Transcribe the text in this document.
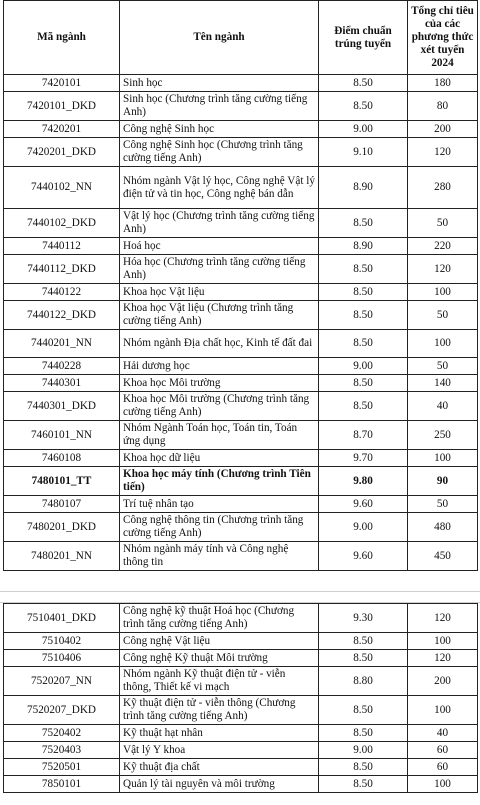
Mã ngành	Tên ngành	Điểm chuẩn trúng tuyển	Tổng chỉ tiêu của các phương thức xét tuyển 2024
7420101	Sinh học	8.50	180
7420101_DKD	Sinh học (Chương trình tăng cường tiếng Anh)	8.50	80
7420201	Công nghệ Sinh học	9.00	200
7420201_DKD	Công nghệ Sinh học (Chương trình tăng cường tiếng Anh)	9.10	120
7440102_NN	Nhóm ngành Vật lý học, Công nghệ Vật lý điện tử và tin học, Công nghệ bán dẫn	8.90	280
7440102_DKD	Vật lý học (Chương trình tăng cường tiếng Anh)	8.50	50
7440112	Hoá học	8.90	220
7440112_DKD	Hóa học (Chương trình tăng cường tiếng Anh)	8.50	120
7440122	Khoa học Vật liệu	8.50	100
7440122_DKD	Khoa học Vật liệu (Chương trình tăng cường tiếng Anh)	8.50	50
7440201_NN	Nhóm ngành Địa chất học, Kinh tế đất đai	8.50	100
7440228	Hải dương học	9.00	50
7440301	Khoa học Môi trường	8.50	140
7440301_DKD	Khoa học Môi trường (Chương trình tăng cường tiếng Anh)	8.50	40
7460101_NN	Nhóm Ngành Toán học, Toán tin, Toán ứng dụng	8.70	250
7460108	Khoa học dữ liệu	9.70	100
7480101_TT	Khoa học máy tính (Chương trình Tiên tiến)	9.80	90
7480107	Trí tuệ nhân tạo	9.60	50
7480201_DKD	Công nghệ thông tin (Chương trình tăng cường tiếng Anh)	9.00	480
7480201_NN	Nhóm ngành máy tính và Công nghệ thông tin	9.60	450
7510401_DKD	Công nghệ kỹ thuật Hoá học (Chương trình tăng cường tiếng Anh)	9.30	120
7510402	Công nghệ Vật liệu	8.50	100
7510406	Công nghệ Kỹ thuật Môi trường	8.50	120
7520207_NN	Nhóm ngành Kỹ thuật điện tử - viễn thông, Thiết kế vi mạch	8.80	200
7520207_DKD	Kỹ thuật điện tử - viễn thông (Chương trình tăng cường tiếng Anh)	8.50	100
7520402	Kỹ thuật hạt nhân	8.50	40
7520403	Vật lý Y khoa	9.00	60
7520501	Kỹ thuật địa chất	8.50	60
7850101	Quản lý tài nguyên và môi trường	8.50	100
